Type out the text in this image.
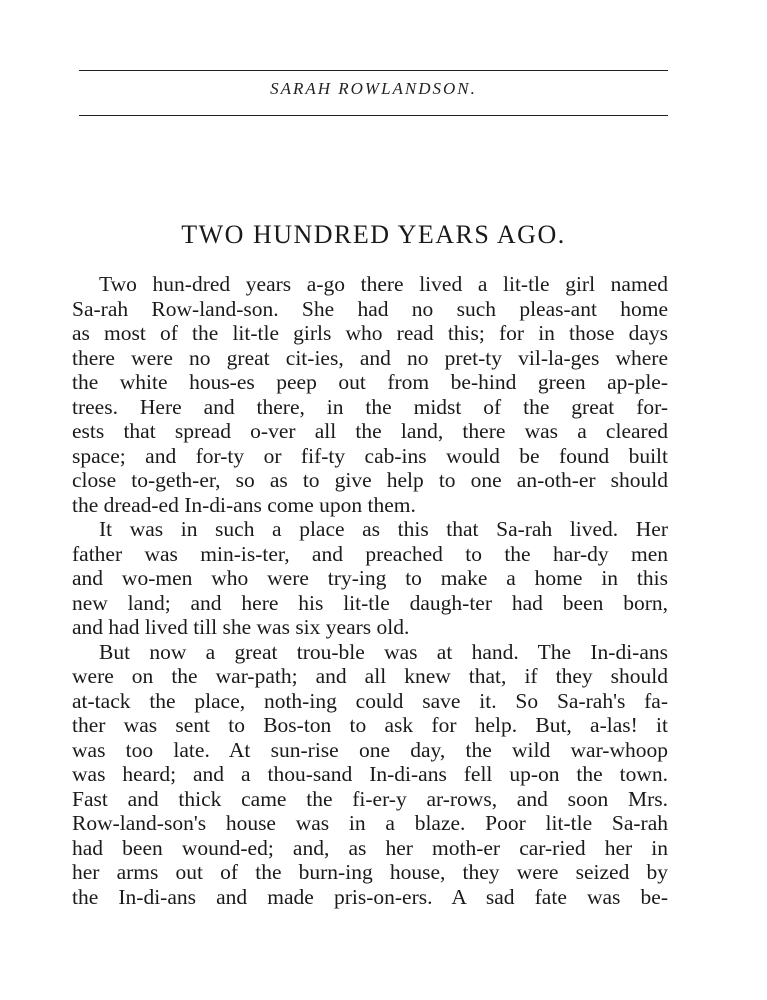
SARAH ROWLANDSON.
TWO HUNDRED YEARS AGO.
Two hun-dred years a-go there lived a lit-tle girl named
Sa-rah Row-land-son. She had no such pleas-ant home
as most of the lit-tle girls who read this; for in those days
there were no great cit-ies, and no pret-ty vil-la-ges where
the white hous-es peep out from be-hind green ap-ple-
trees. Here and there, in the midst of the great for-
ests that spread o-ver all the land, there was a cleared
space; and for-ty or fif-ty cab-ins would be found built
close to-geth-er, so as to give help to one an-oth-er should
the dread-ed In-di-ans come upon them.
It was in such a place as this that Sa-rah lived. Her
father was min-is-ter, and preached to the har-dy men
and wo-men who were try-ing to make a home in this
new land; and here his lit-tle daugh-ter had been born,
and had lived till she was six years old.
But now a great trou-ble was at hand. The In-di-ans
were on the war-path; and all knew that, if they should
at-tack the place, noth-ing could save it. So Sa-rah's fa-
ther was sent to Bos-ton to ask for help. But, a-las! it
was too late. At sun-rise one day, the wild war-whoop
was heard; and a thou-sand In-di-ans fell up-on the town.
Fast and thick came the fi-er-y ar-rows, and soon Mrs.
Row-land-son's house was in a blaze. Poor lit-tle Sa-rah
had been wound-ed; and, as her moth-er car-ried her in
her arms out of the burn-ing house, they were seized by
the In-di-ans and made pris-on-ers. A sad fate was be-
